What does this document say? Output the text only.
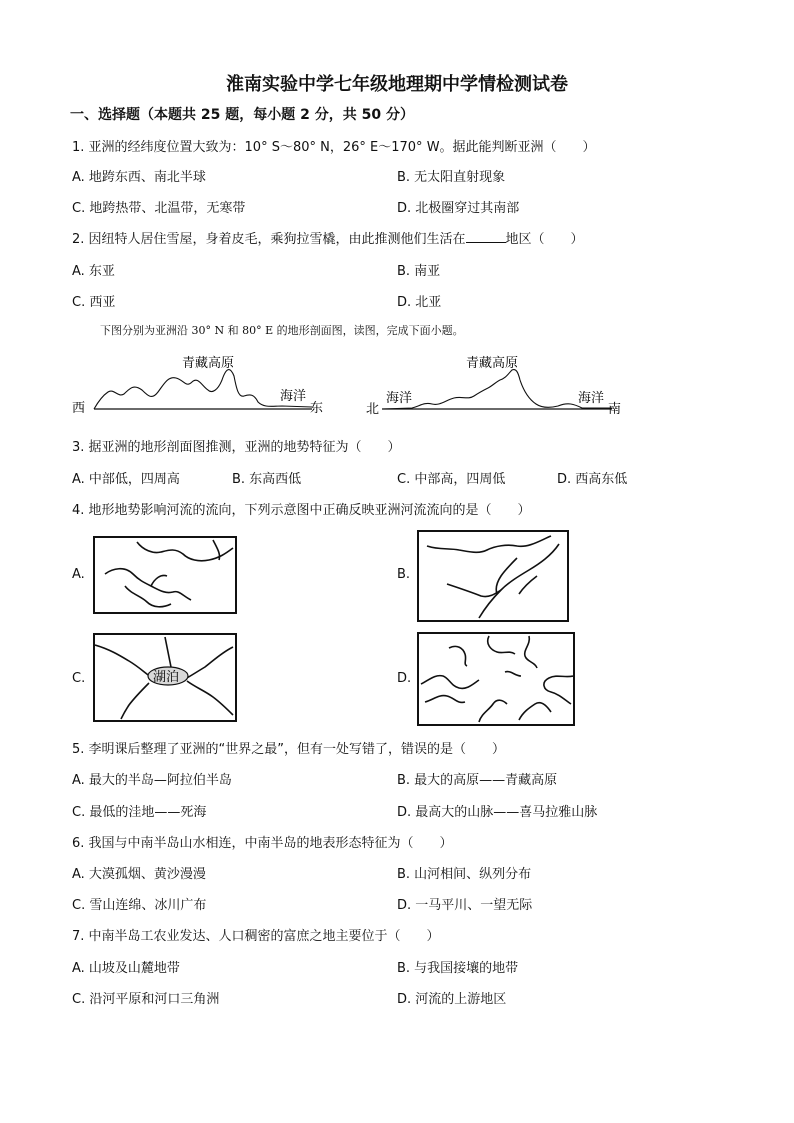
淮南实验中学七年级地理期中学情检测试卷
一、选择题（本题共 25 题，每小题 2 分，共 50 分）
1. 亚洲的经纬度位置大致为：10° S～80° N，26° E～170° W。据此能判断亚洲（　　）
A. 地跨东西、南北半球	B. 无太阳直射现象
C. 地跨热带、北温带，无寒带	D. 北极圈穿过其南部
2. 因纽特人居住雪屋，身着皮毛，乘狗拉雪橇，由此推测他们生活在	地区（　　）
A. 东亚	B. 南亚
C. 西亚	D. 北亚
下图分别为亚洲沿 30° N 和 80° E 的地形剖面图，读图，完成下面小题。
青藏高原
西	东
海洋
青藏高原
北	南
海洋	海洋
3. 据亚洲的地形剖面图推测，亚洲的地势特征为（　　）
A. 中部低，四周高	B. 东高西低	C. 中部高，四周低	D. 西高东低
4. 地形地势影响河流的流向，下列示意图中正确反映亚洲河流流向的是（　　）
A.	B.
C.	湖泊	D.
5. 李明课后整理了亚洲的“世界之最”，但有一处写错了，错误的是（　　）
A. 最大的半岛—阿拉伯半岛	B. 最大的高原——青藏高原
C. 最低的洼地——死海	D. 最高大的山脉——喜马拉雅山脉
6. 我国与中南半岛山水相连，中南半岛的地表形态特征为（　　）
A. 大漠孤烟、黄沙漫漫	B. 山河相间、纵列分布
C. 雪山连绵、冰川广布	D. 一马平川、一望无际
7. 中南半岛工农业发达、人口稠密的富庶之地主要位于（　　）
A. 山坡及山麓地带	B. 与我国接壤的地带
C. 沿河平原和河口三角洲	D. 河流的上游地区
